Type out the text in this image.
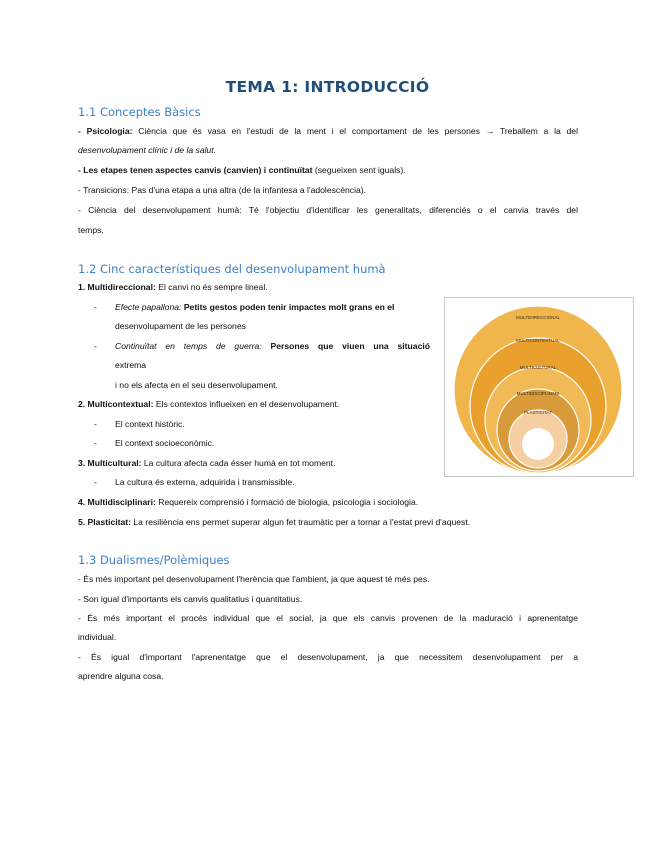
TEMA 1: INTRODUCCIÓ
1.1 Conceptes Bàsics
- Psicologia: Ciència que és vasa en l'estudi de la ment i el comportament de les persones → Treballem a la del
desenvolupament clínic i de la salut.
- Les etapes tenen aspectes canvis (canvien) i continuïtat (segueixen sent iguals).
- Transicions: Pas d'una etapa a una altra (de la infantesa a l'adolescència).
- Ciència del desenvolupament humà: Té l'objectiu d'identificar les generalitats, diferenciés o el canvia través del
temps.
1.2 Cinc característiques del desenvolupament humà
1. Multidireccional: El canvi no és sempre lineal.
- Efecte papallona: Petits gestos poden tenir impactes molt grans en el
desenvolupament de les persones
- Continuïtat en temps de guerra: Persones que viuen una situació
extrema
i no els afecta en el seu desenvolupament.
2. Multicontextual: Els contextos influeixen en el desenvolupament.
- El context històric.
- El context socioeconòmic.
3. Multicultural: La cultura afecta cada ésser humà en tot moment.
- La cultura és externa, adquirida i transmissible.
4. Multidisciplinari: Requereix comprensió i formació de biologia, psicologia i sociologia.
5. Plasticitat: La resiliència ens permet superar algun fet traumàtic per a tornar a l'estat previ d'aquest.
MULTIDIRECCIONAL
MULTICONTEXTUAL
MULTICULTURAL
MULTIDISCIPLINARI
PLASTICITAT
1.3 Dualismes/Polèmiques
- És més important pel desenvolupament l'herència que l'ambient, ja que aquest té més pes.
- Son igual d'importants els canvis qualitatius i quantitatius.
- És més important el procés individual que el social, ja que els canvis provenen de la maduració i aprenentatge
individual.
- És igual d'important l'aprenentatge que el desenvolupament, ja que necessitem desenvolupament per a
aprendre alguna cosa.
